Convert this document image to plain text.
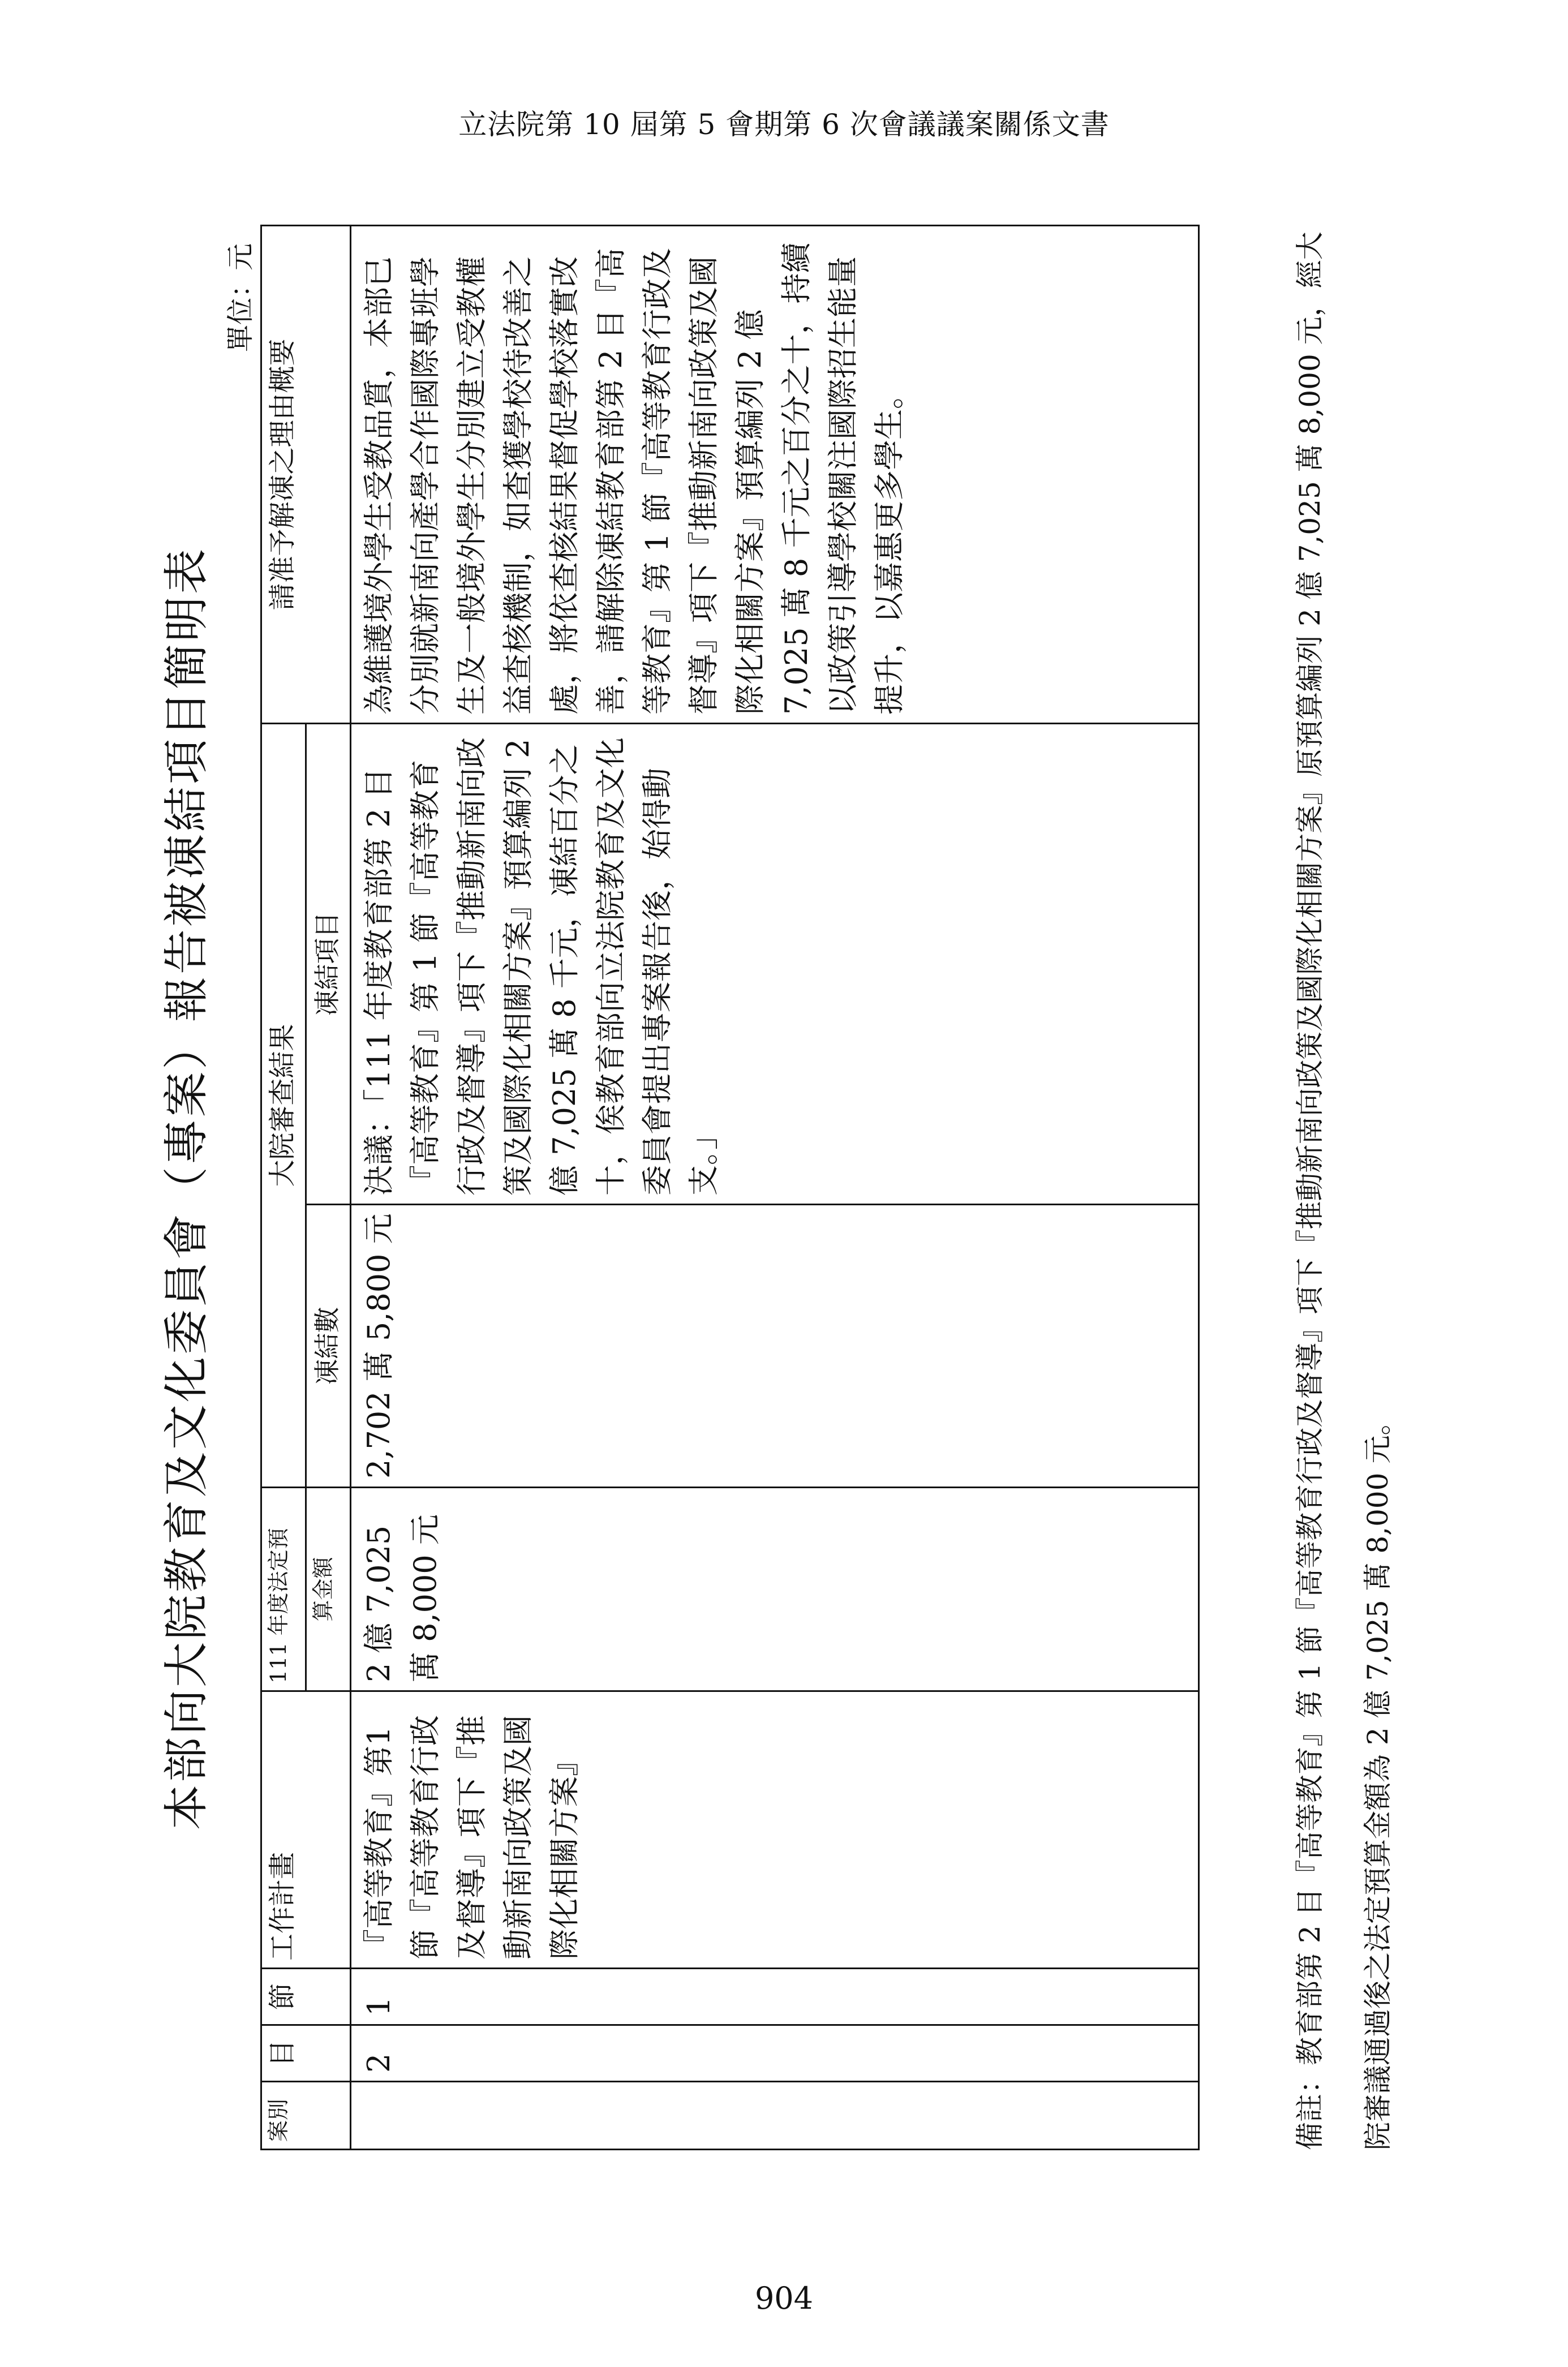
立法院第 10 屆第 5 會期第 6 次會議議案關係文書
本部向大院教育及文化委員會（專案）報告被凍結項目簡明表
單位：元
案別	目	節	工作計畫	111 年度法定預	大院審查結果		請准予解凍之理由概要
				算金額	凍結數	凍結項目	
	2	1	『高等教育』第1節『高等教育行政及督導』項下『推動新南向政策及國際化相關方案』	2 億 7,025 萬 8,000 元	2,702 萬 5,800 元	決議：「111 年度教育部第 2 目『高等教育』第 1 節『高等教育行政及督導』項下『推動新南向政策及國際化相關方案』預算編列 2 億 7,025 萬 8 千元，凍結百分之十，俟教育部向立法院教育及文化委員會提出專案報告後，始得動支。」	為維護境外學生受教品質，本部已分別就新南向產學合作國際專班學生及一般境外學生分別建立受教權益查核機制，如查獲學校待改善之處，將依查核結果督促學校落實改善，請解除凍結教育部第 2 目『高等教育』第 1 節『高等教育行政及督導』項下『推動新南向政策及國際化相關方案』預算編列 2 億 7,025 萬 8 千元之百分之十，持續以政策引導學校關注國際招生能量提升，以嘉惠更多學生。	備註：教育部第 2 目『高等教育』第 1 節『高等教育行政及督導』項下『推動新南向政策及國際化相關方案』原預算編列 2 億 7,025 萬 8,000 元，經大	院審議通過後之法定預算金額為 2 億 7,025 萬 8,000 元。

904
